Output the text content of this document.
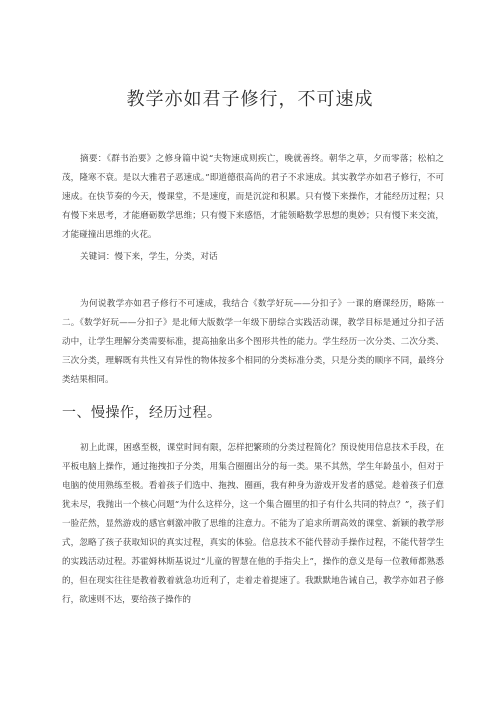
教学亦如君子修行，不可速成

摘要：《群书治要》之修身篇中说“夫物速成则疾亡，晚就善终。朝华之草，夕而零落；松柏之茂，隆寒不衰。是以大雅君子恶速成。”即道德很高尚的君子不求速成。其实教学亦如君子修行，不可速成。在快节奏的今天，慢课堂，不是速度，而是沉淀和积累。只有慢下来操作，才能经历过程；只有慢下来思考，才能磨砺数学思维；只有慢下来感悟，才能领略数学思想的奥妙；只有慢下来交流，才能碰撞出思维的火花。

关键词：慢下来，学生，分类，对话

为何说教学亦如君子修行不可速成，我结合《数学好玩——分扣子》一课的磨课经历，略陈一二。《数学好玩——分扣子》是北师大版数学一年级下册综合实践活动课，教学目标是通过分扣子活动中，让学生理解分类需要标准，提高抽象出多个图形共性的能力。学生经历一次分类、二次分类、三次分类，理解既有共性又有异性的物体按多个相同的分类标准分类，只是分类的顺序不同，最终分类结果相同。

一、慢操作，经历过程。

初上此课，困惑至极，课堂时间有限，怎样把繁琐的分类过程简化？预设使用信息技术手段，在平板电脑上操作，通过拖拽扣子分类，用集合圈圈出分的每一类。果不其然，学生年龄虽小，但对于电脑的使用熟练至极。看着孩子们选中、拖拽、圈画，我有种身为游戏开发者的感觉。趁着孩子们意犹未尽，我抛出一个核心问题“为什么这样分，这一个集合圈里的扣子有什么共同的特点？”，孩子们一脸茫然，显然游戏的感官刺激冲散了思维的注意力。不能为了追求所谓高效的课堂、新颖的教学形式，忽略了孩子获取知识的真实过程，真实的体验。信息技术不能代替动手操作过程，不能代替学生的实践活动过程。苏霍姆林斯基说过“儿童的智慧在他的手指尖上”，操作的意义是每一位教师都熟悉的，但在现实往往是教着教着就急功近利了，走着走着提速了。我默默地告诫自己，教学亦如君子修行，欲速则不达，要给孩子操作的
